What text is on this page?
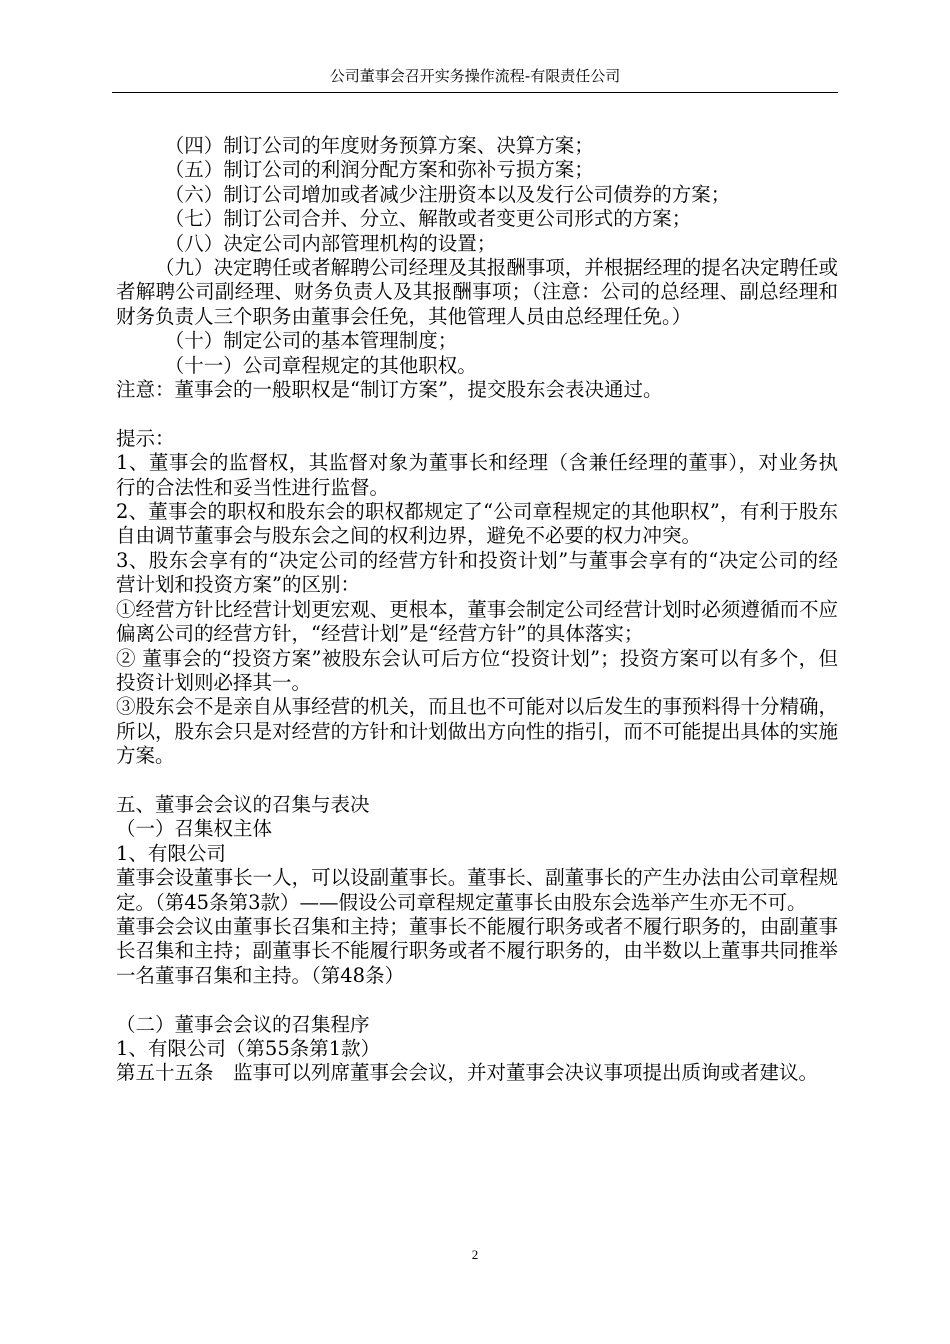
公司董事会召开实务操作流程-有限责任公司

（四）制订公司的年度财务预算方案、决算方案；

（五）制订公司的利润分配方案和弥补亏损方案；

（六）制订公司增加或者减少注册资本以及发行公司债券的方案；

（七）制订公司合并、分立、解散或者变更公司形式的方案；

（八）决定公司内部管理机构的设置；

（九）决定聘任或者解聘公司经理及其报酬事项，并根据经理的提名决定聘任或者解聘公司副经理、财务负责人及其报酬事项；（注意：公司的总经理、副总经理和财务负责人三个职务由董事会任免，其他管理人员由总经理任免。）

（十）制定公司的基本管理制度；

（十一）公司章程规定的其他职权。

注意：董事会的一般职权是“制订方案”，提交股东会表决通过。

提示：

1、董事会的监督权，其监督对象为董事长和经理（含兼任经理的董事），对业务执行的合法性和妥当性进行监督。

2、董事会的职权和股东会的职权都规定了“公司章程规定的其他职权”，有利于股东自由调节董事会与股东会之间的权利边界，避免不必要的权力冲突。

3、股东会享有的“决定公司的经营方针和投资计划”与董事会享有的“决定公司的经营计划和投资方案”的区别：

①经营方针比经营计划更宏观、更根本，董事会制定公司经营计划时必须遵循而不应偏离公司的经营方针，“经营计划”是“经营方针”的具体落实；

② 董事会的“投资方案”被股东会认可后方位“投资计划”；投资方案可以有多个，但投资计划则必择其一。

③股东会不是亲自从事经营的机关，而且也不可能对以后发生的事预料得十分精确，所以，股东会只是对经营的方针和计划做出方向性的指引，而不可能提出具体的实施方案。

五、董事会会议的召集与表决

（一）召集权主体

1、有限公司

董事会设董事长一人，可以设副董事长。董事长、副董事长的产生办法由公司章程规定。（第45条第3款）——假设公司章程规定董事长由股东会选举产生亦无不可。

董事会会议由董事长召集和主持；董事长不能履行职务或者不履行职务的，由副董事长召集和主持；副董事长不能履行职务或者不履行职务的，由半数以上董事共同推举一名董事召集和主持。（第48条）

（二）董事会会议的召集程序

1、有限公司（第55条第1款）

第五十五条　监事可以列席董事会会议，并对董事会决议事项提出质询或者建议。

2
